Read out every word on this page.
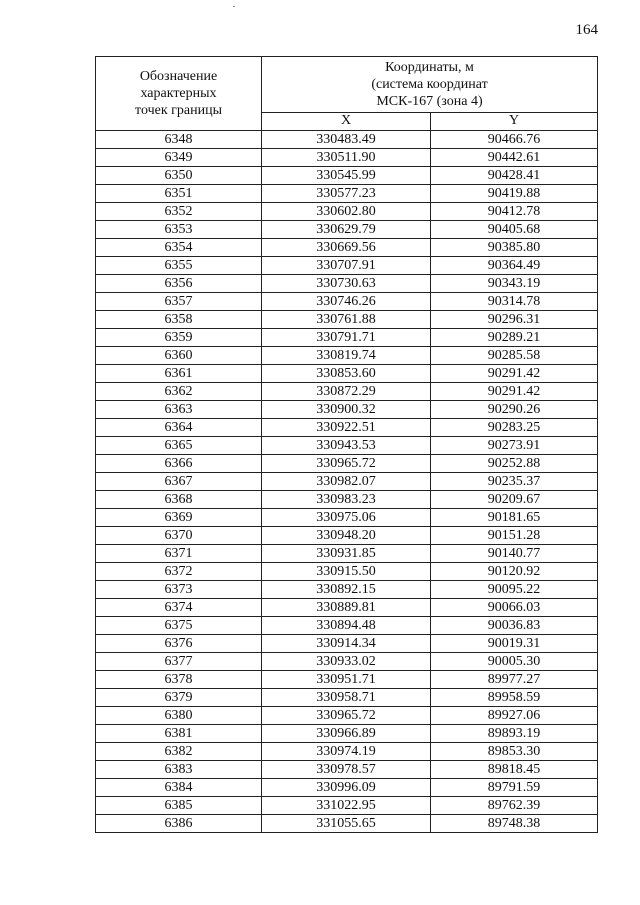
164
Обозначение
характерных
точек границы	Координаты, м
(система координат
МСК-167 (зона 4)	

	X	Y
6348	330483.49	90466.76
6349	330511.90	90442.61
6350	330545.99	90428.41
6351	330577.23	90419.88
6352	330602.80	90412.78
6353	330629.79	90405.68
6354	330669.56	90385.80
6355	330707.91	90364.49
6356	330730.63	90343.19
6357	330746.26	90314.78
6358	330761.88	90296.31
6359	330791.71	90289.21
6360	330819.74	90285.58
6361	330853.60	90291.42
6362	330872.29	90291.42
6363	330900.32	90290.26
6364	330922.51	90283.25
6365	330943.53	90273.91
6366	330965.72	90252.88
6367	330982.07	90235.37
6368	330983.23	90209.67
6369	330975.06	90181.65
6370	330948.20	90151.28
6371	330931.85	90140.77
6372	330915.50	90120.92
6373	330892.15	90095.22
6374	330889.81	90066.03
6375	330894.48	90036.83
6376	330914.34	90019.31
6377	330933.02	90005.30
6378	330951.71	89977.27
6379	330958.71	89958.59
6380	330965.72	89927.06
6381	330966.89	89893.19
6382	330974.19	89853.30
6383	330978.57	89818.45
6384	330996.09	89791.59
6385	331022.95	89762.39
6386	331055.65	89748.38
